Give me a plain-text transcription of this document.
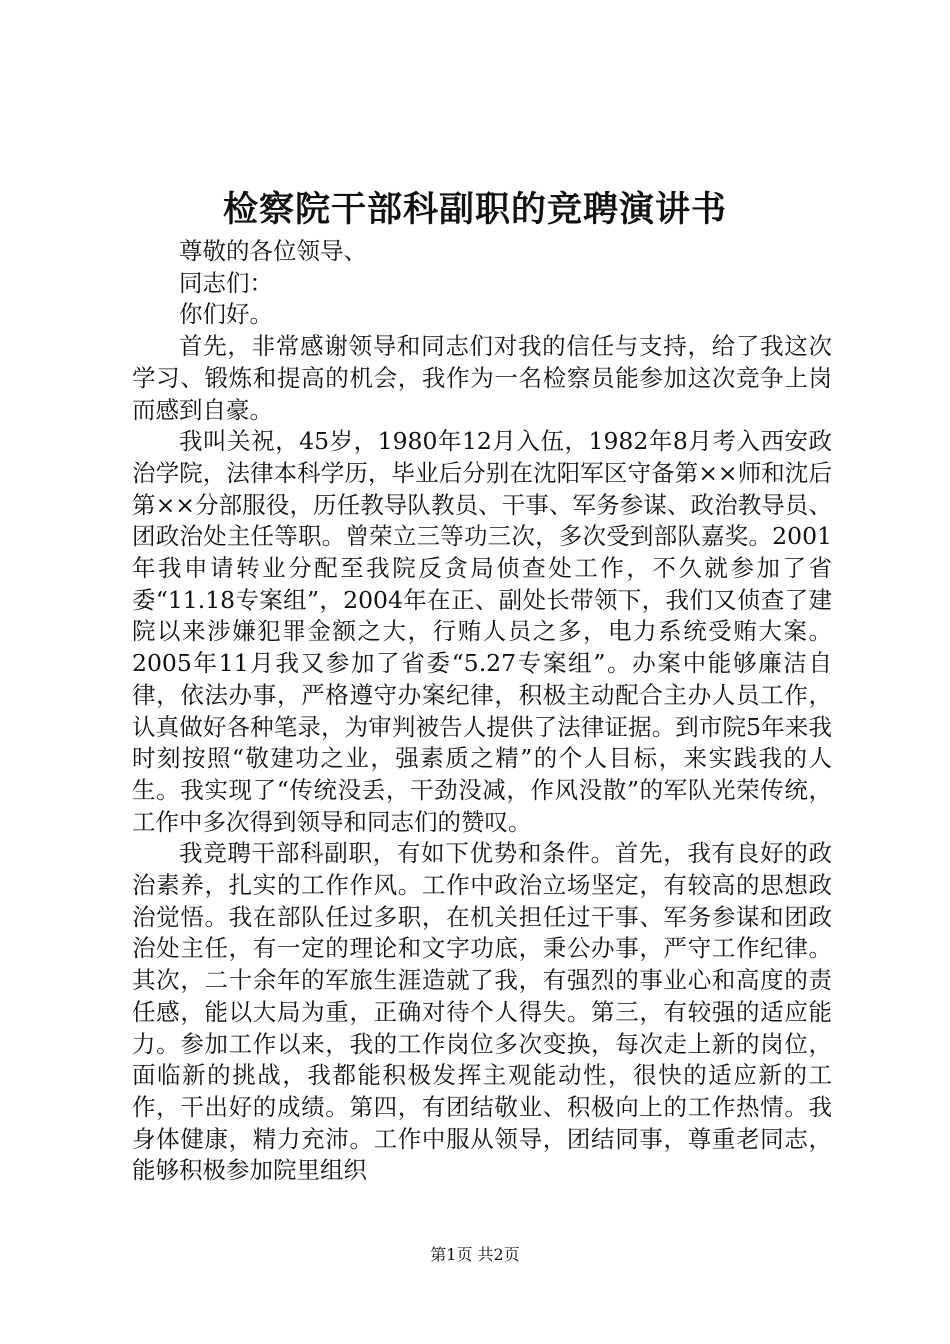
检察院干部科副职的竞聘演讲书

尊敬的各位领导、

同志们：

你们好。

首先，非常感谢领导和同志们对我的信任与支持，给了我这次学习、锻炼和提高的机会，我作为一名检察员能参加这次竞争上岗而感到自豪。

我叫关祝，45岁，1980年12月入伍，1982年8月考入西安政治学院，法律本科学历，毕业后分别在沈阳军区守备第××师和沈后第××分部服役，历任教导队教员、干事、军务参谋、政治教导员、团政治处主任等职。曾荣立三等功三次，多次受到部队嘉奖。2001年我申请转业分配至我院反贪局侦查处工作，不久就参加了省委“11.18专案组”，2004年在正、副处长带领下，我们又侦查了建院以来涉嫌犯罪金额之大，行贿人员之多，电力系统受贿大案。2005年11月我又参加了省委“5.27专案组”。办案中能够廉洁自律，依法办事，严格遵守办案纪律，积极主动配合主办人员工作，认真做好各种笔录，为审判被告人提供了法律证据。到市院5年来我时刻按照“敬建功之业，强素质之精”的个人目标，来实践我的人生。我实现了“传统没丢，干劲没减，作风没散”的军队光荣传统，工作中多次得到领导和同志们的赞叹。

我竞聘干部科副职，有如下优势和条件。首先，我有良好的政治素养，扎实的工作作风。工作中政治立场坚定，有较高的思想政治觉悟。我在部队任过多职，在机关担任过干事、军务参谋和团政治处主任，有一定的理论和文字功底，秉公办事，严守工作纪律。其次，二十余年的军旅生涯造就了我，有强烈的事业心和高度的责任感，能以大局为重，正确对待个人得失。第三，有较强的适应能力。参加工作以来，我的工作岗位多次变换，每次走上新的岗位，面临新的挑战，我都能积极发挥主观能动性，很快的适应新的工作，干出好的成绩。第四，有团结敬业、积极向上的工作热情。我身体健康，精力充沛。工作中服从领导，团结同事，尊重老同志，能够积极参加院里组织

第1页 共2页
